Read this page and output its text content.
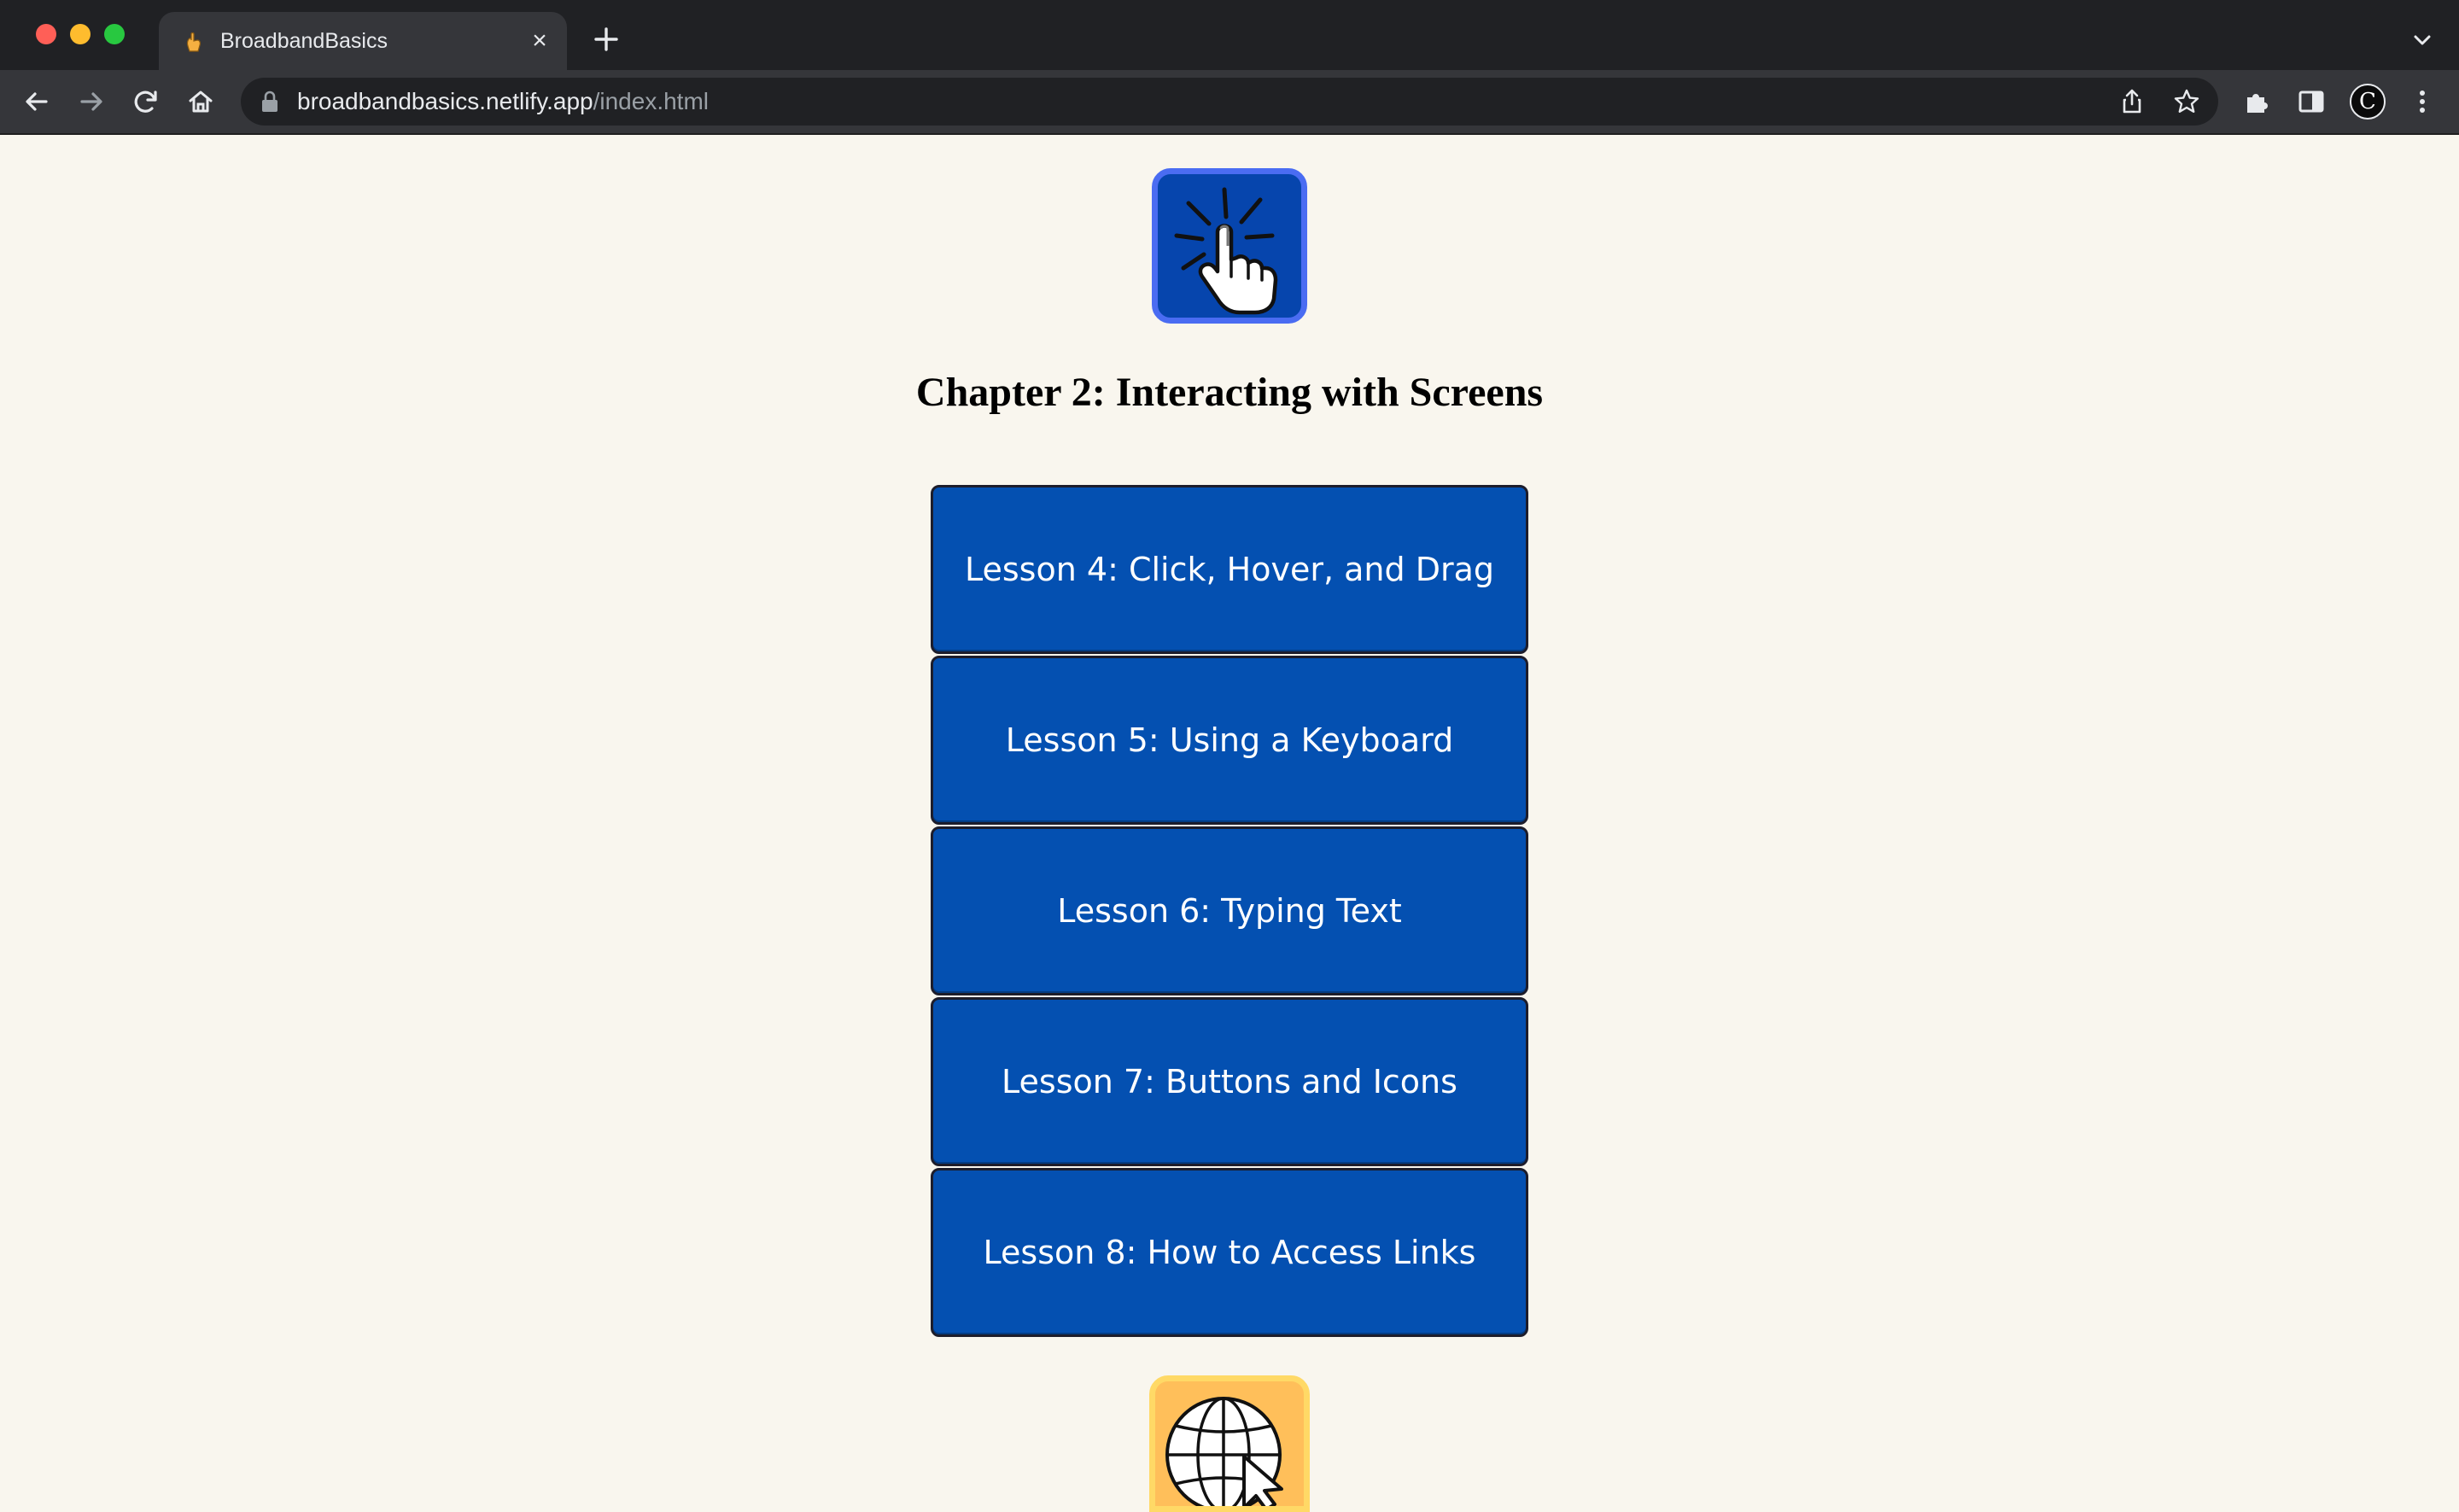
BroadbandBasics	×
broadbandbasics.netlify.app/index.html	C
Chapter 2: Interacting with Screens
Lesson 4: Click, Hover, and Drag
Lesson 5: Using a Keyboard
Lesson 6: Typing Text
Lesson 7: Buttons and Icons
Lesson 8: How to Access Links
